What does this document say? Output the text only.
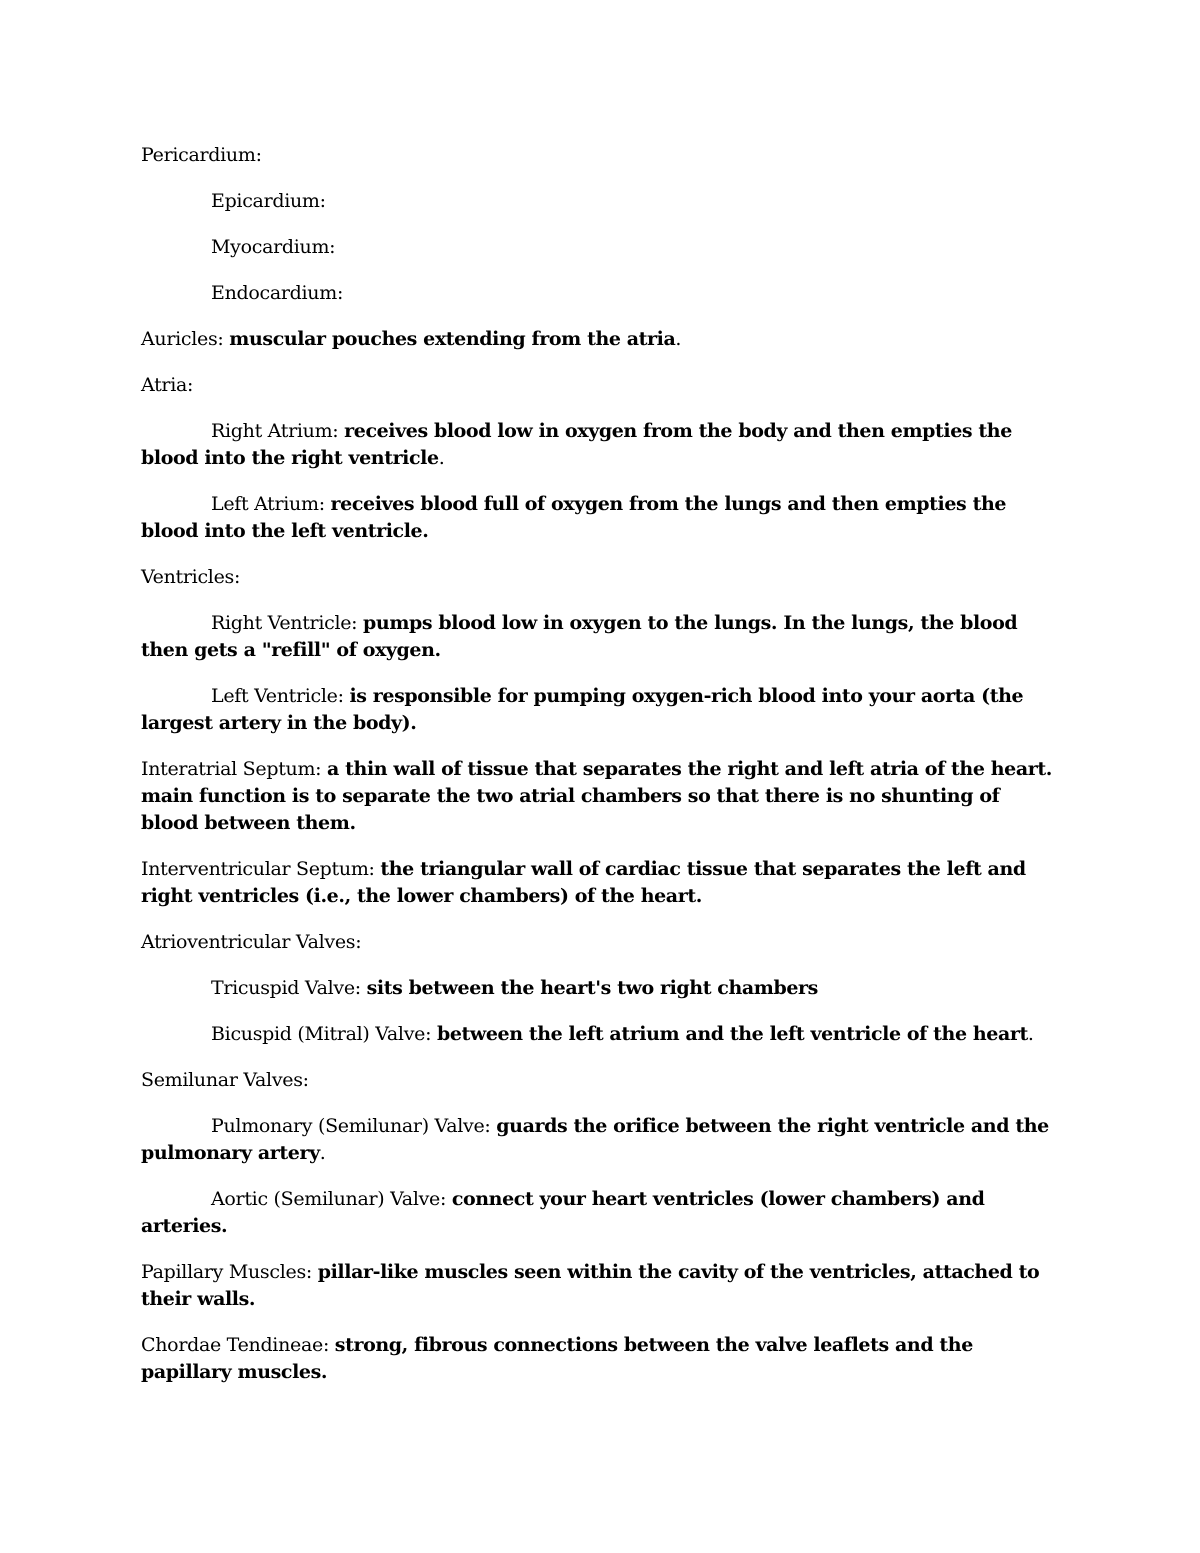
Pericardium:

Epicardium:

Myocardium:

Endocardium:

Auricles: muscular pouches extending from the atria.

Atria:

Right Atrium: receives blood low in oxygen from the body and then empties the blood into the right ventricle.

Left Atrium: receives blood full of oxygen from the lungs and then empties the blood into the left ventricle.

Ventricles:

Right Ventricle: pumps blood low in oxygen to the lungs. In the lungs, the blood then gets a "refill" of oxygen.

Left Ventricle: is responsible for pumping oxygen-rich blood into your aorta (the largest artery in the body).

Interatrial Septum: a thin wall of tissue that separates the right and left atria of the heart. main function is to separate the two atrial chambers so that there is no shunting of blood between them.

Interventricular Septum: the triangular wall of cardiac tissue that separates the left and right ventricles (i.e., the lower chambers) of the heart.

Atrioventricular Valves:

Tricuspid Valve: sits between the heart's two right chambers

Bicuspid (Mitral) Valve: between the left atrium and the left ventricle of the heart.

Semilunar Valves:

Pulmonary (Semilunar) Valve: guards the orifice between the right ventricle and the pulmonary artery.

Aortic (Semilunar) Valve: connect your heart ventricles (lower chambers) and arteries.

Papillary Muscles: pillar-like muscles seen within the cavity of the ventricles, attached to their walls.

Chordae Tendineae: strong, fibrous connections between the valve leaflets and the papillary muscles.
